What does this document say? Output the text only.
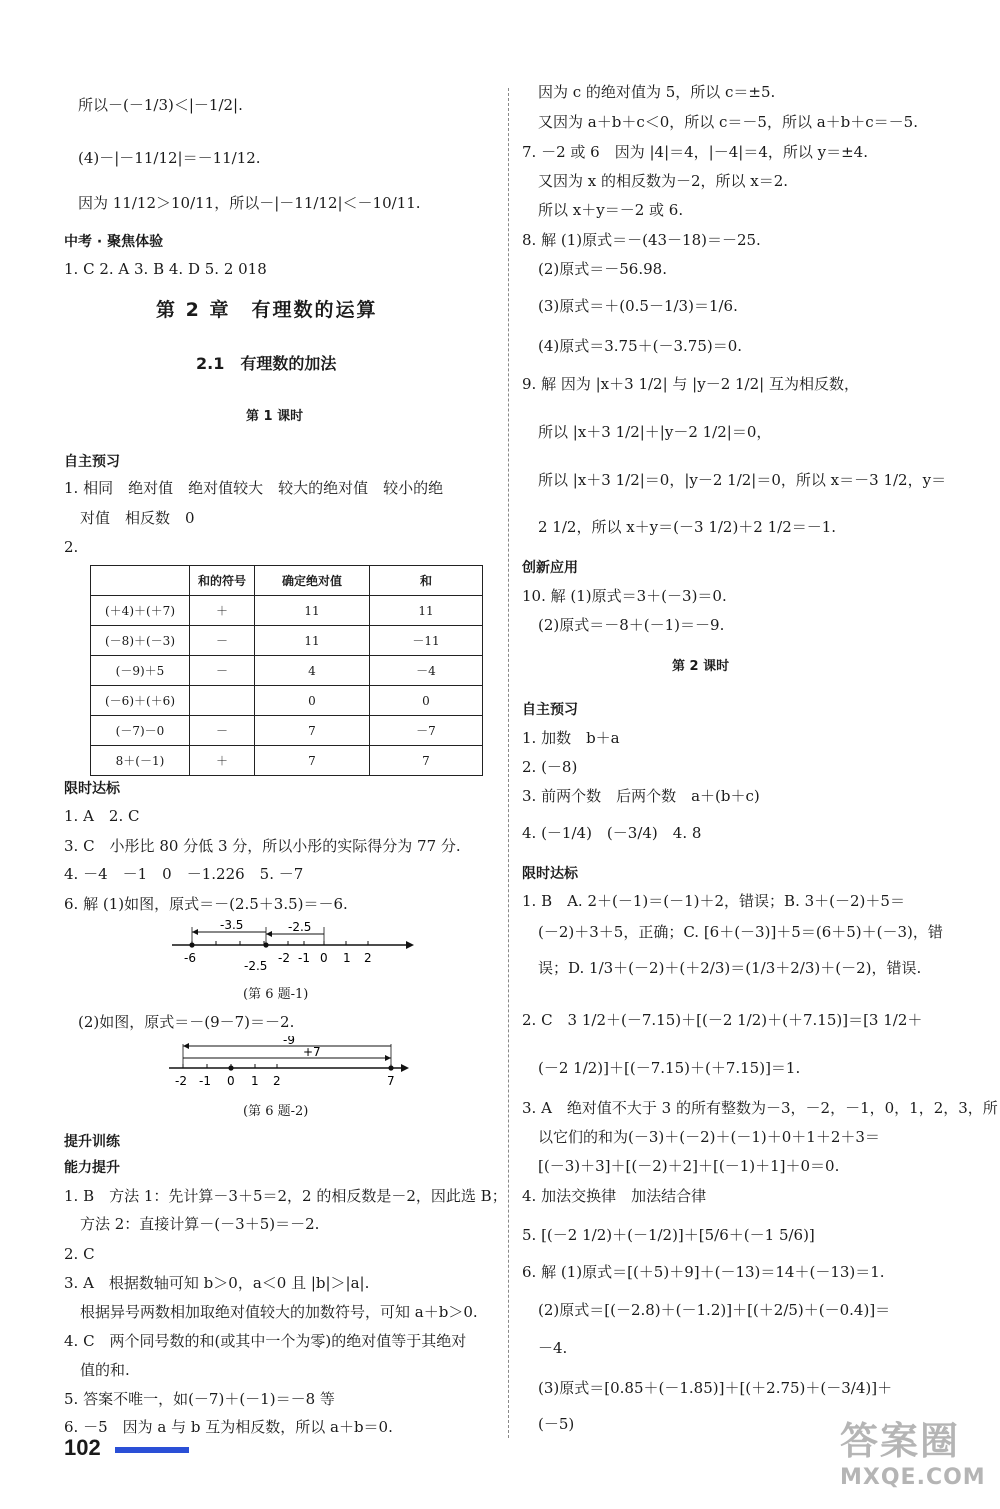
所以－(－1/3)＜|－1/2|.
(4)－|－11/12|＝－11/12.
因为 11/12＞10/11，所以－|－11/12|＜－10/11.
中考 · 聚焦体验
1. C 2. A 3. B 4. D 5. 2 018
第 2 章　有理数的运算
2.1　有理数的加法
第 1 课时
自主预习
1. 相同　绝对值　绝对值较大　较大的绝对值　较小的绝
对值　相反数　0
2.
	和的符号	确定绝对值	和
(＋4)＋(＋7)	＋	11	11
(－8)＋(－3)	－	11	－11
(－9)＋5	－	4	－4
(－6)＋(＋6)		0	0
(－7)－0	－	7	－7
8＋(－1)	＋	7	7
限时达标
1. A　2. C
3. C　小彤比 80 分低 3 分，所以小彤的实际得分为 77 分.
4. －4　－1　0　－1.226　5. －7
6. 解 (1)如图，原式＝－(2.5＋3.5)＝－6.
-3.5	-2.5
-6
-2.5
-2 -1 0 1 2
(第 6 题-1)
(2)如图，原式＝－(9－7)＝－2.
-9
+7
-2 -1 0 1 2	7
(第 6 题-2)
提升训练
能力提升
1. B　方法 1：先计算－3＋5＝2，2 的相反数是－2，因此选 B；
方法 2：直接计算－(－3＋5)＝－2.
2. C
3. A　根据数轴可知 b＞0，a＜0 且 |b|＞|a|.
根据异号两数相加取绝对值较大的加数符号，可知 a＋b＞0.
4. C　两个同号数的和(或其中一个为零)的绝对值等于其绝对
值的和.
5. 答案不唯一，如(－7)＋(－1)＝－8 等
6. －5　因为 a 与 b 互为相反数，所以 a＋b＝0.
因为 c 的绝对值为 5，所以 c＝±5.
又因为 a＋b＋c＜0，所以 c＝－5，所以 a＋b＋c＝－5.
7. －2 或 6　因为 |4|＝4，|－4|＝4，所以 y＝±4.
又因为 x 的相反数为－2，所以 x＝2.
所以 x＋y＝－2 或 6.
8. 解 (1)原式＝－(43－18)＝－25.
(2)原式＝－56.98.
(3)原式＝＋(0.5－1/3)＝1/6.
(4)原式＝3.75＋(－3.75)＝0.
9. 解 因为 |x＋3 1/2| 与 |y－2 1/2| 互为相反数，
所以 |x＋3 1/2|＋|y－2 1/2|＝0，
所以 |x＋3 1/2|＝0，|y－2 1/2|＝0，所以 x＝－3 1/2，y＝
2 1/2，所以 x＋y＝(－3 1/2)＋2 1/2＝－1.
创新应用
10. 解 (1)原式＝3＋(－3)＝0.
(2)原式＝－8＋(－1)＝－9.
第 2 课时
自主预习
1. 加数　b＋a
2. (－8)
3. 前两个数　后两个数　a＋(b＋c)
4. (－1/4)　(－3/4)　4. 8
限时达标
1. B　A. 2＋(－1)＝(－1)＋2，错误；B. 3＋(－2)＋5＝
(－2)＋3＋5，正确；C. [6＋(－3)]＋5＝(6＋5)＋(－3)，错
误；D. 1/3＋(－2)＋(＋2/3)＝(1/3＋2/3)＋(－2)，错误.
2. C　3 1/2＋(－7.15)＋[(－2 1/2)＋(＋7.15)]＝[3 1/2＋
(－2 1/2)]＋[(－7.15)＋(＋7.15)]＝1.
3. A　绝对值不大于 3 的所有整数为－3，－2，－1，0，1，2，3，所
以它们的和为(－3)＋(－2)＋(－1)＋0＋1＋2＋3＝
[(－3)＋3]＋[(－2)＋2]＋[(－1)＋1]＋0＝0.
4. 加法交换律　加法结合律
5. [(－2 1/2)＋(－1/2)]＋[5/6＋(－1 5/6)]
6. 解 (1)原式＝[(＋5)＋9]＋(－13)＝14＋(－13)＝1.
(2)原式＝[(－2.8)＋(－1.2)]＋[(＋2/5)＋(－0.4)]＝
－4.
(3)原式＝[0.85＋(－1.85)]＋[(＋2.75)＋(－3/4)]＋
(－5)
102	答案圈
MXQE.COM
